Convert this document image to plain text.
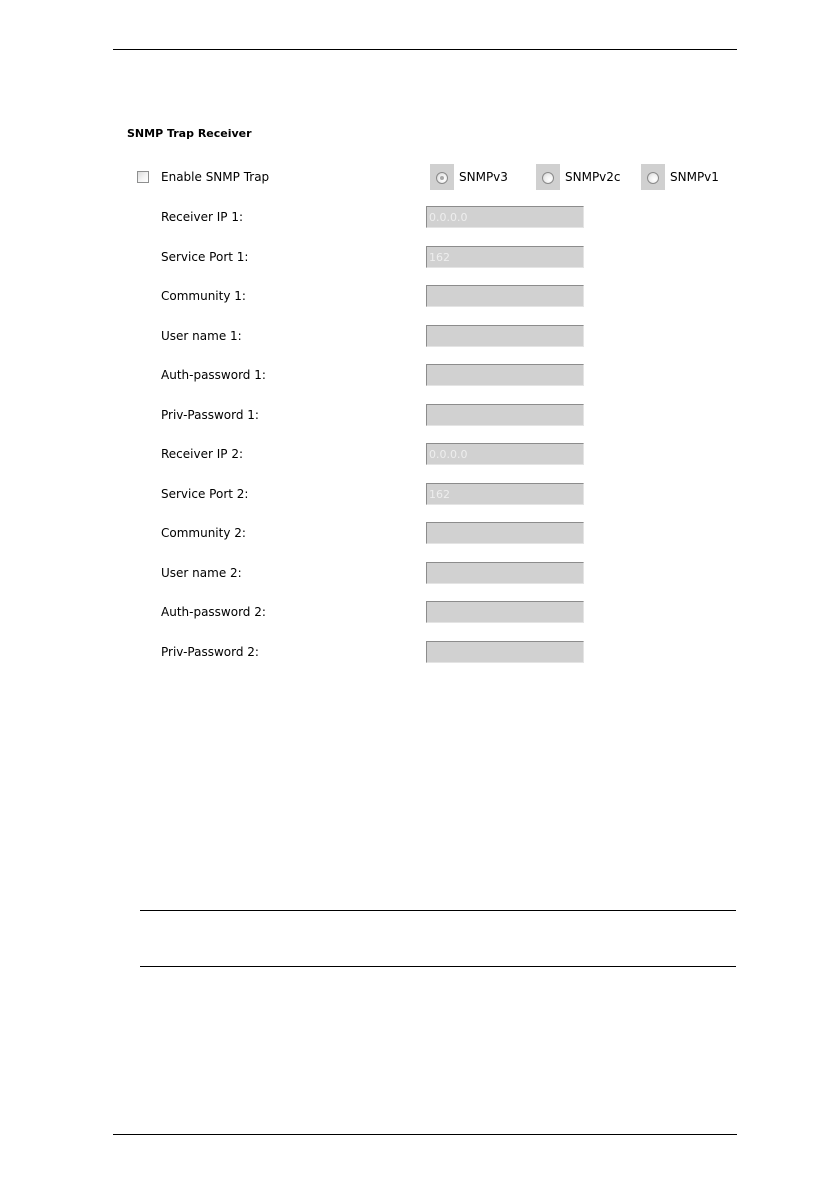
SNMP Trap Receiver
Enable SNMP Trap	SNMPv3	SNMPv2c	SNMPv1
Receiver IP 1:
0.0.0.0
Service Port 1:
162
Community 1:
User name 1:
Auth-password 1:
Priv-Password 1:
Receiver IP 2:
0.0.0.0
Service Port 2:
162
Community 2:
User name 2:
Auth-password 2:
Priv-Password 2:
